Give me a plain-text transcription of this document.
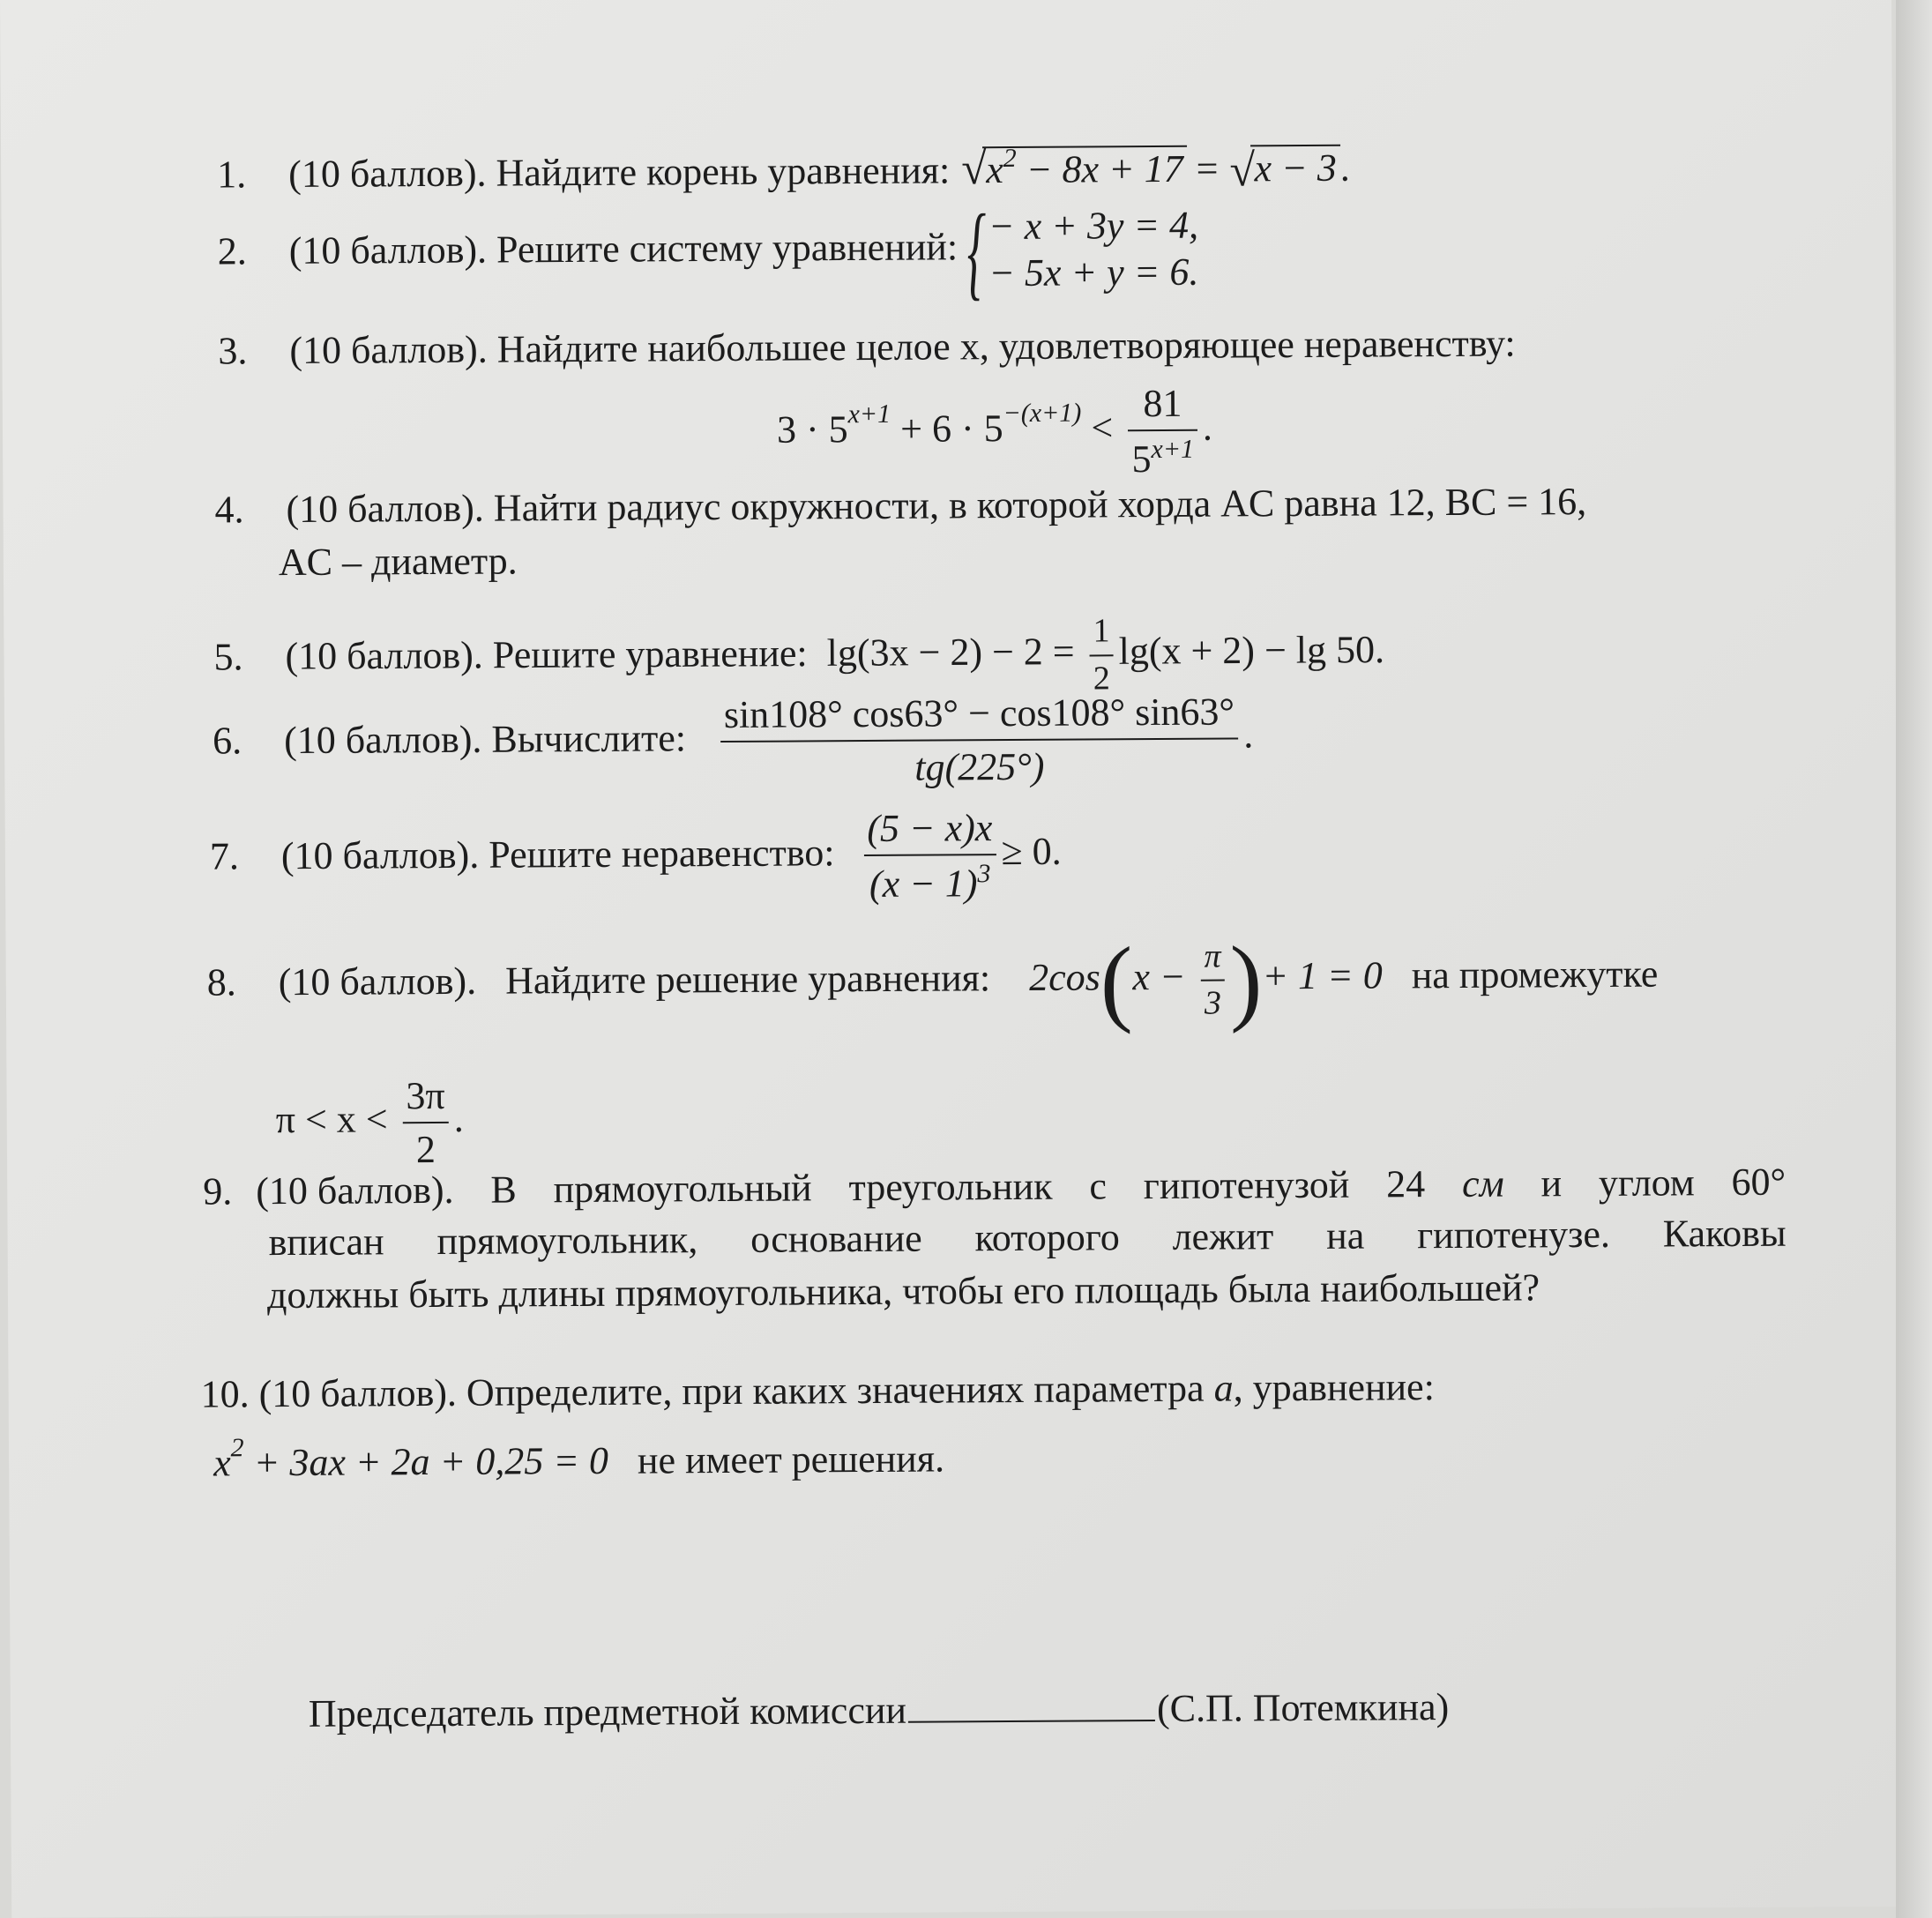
1. (10 баллов). Найдите корень уравнения: √ $x^2 - 8x + 17$ = √ x − 3.
2. (10 баллов). Решите систему уравнений: { − x + 3y = 4,
− 5x + y = 6.
3. (10 баллов). Найдите наибольшее целое x, удовлетворяющее неравенству:
$3 \cdot 5^{x+1} + 6 \cdot 5^{-(x+1)} < \frac{81}{5^{x+1}}$ .
4. (10 баллов). Найти радиус окружности, в которой хорда AC равна 12, BC = 16,
AC – диаметр.
5. (10 баллов). Решите уравнение: $\lg(3x - 2) - 2 = \frac{1}{2} \lg(x + 2) - \lg 50$.
6. (10 баллов). Вычислите:
sin108° cos63° − cos108° sin63°
tg(225°)
.
7. (10 баллов). Решите неравенство: $\frac{(5 - x)x}{(x - 1)^3} \ge 0$.
8. (10 баллов). Найдите решение уравнения: $2\cos(x - \frac{\pi}{3}$ )+ 1 = 0 на промежутке
$\pi < x < \frac{3\pi}{2}$ .
9. (10 баллов). В прямоугольный треугольник с гипотенузой 24 см и углом 60°
вписан прямоугольник, основание которого лежит на гипотенузе. Каковы
должны быть длины прямоугольника, чтобы его площадь была наибольшей?
10. (10 баллов). Определите, при каких значениях параметра a, уравнение:
$x^2 + 3ax + 2a + 0,25 = 0$ не имеет решения.
Председатель предметной комиссии	(С.П. Потемкина)
